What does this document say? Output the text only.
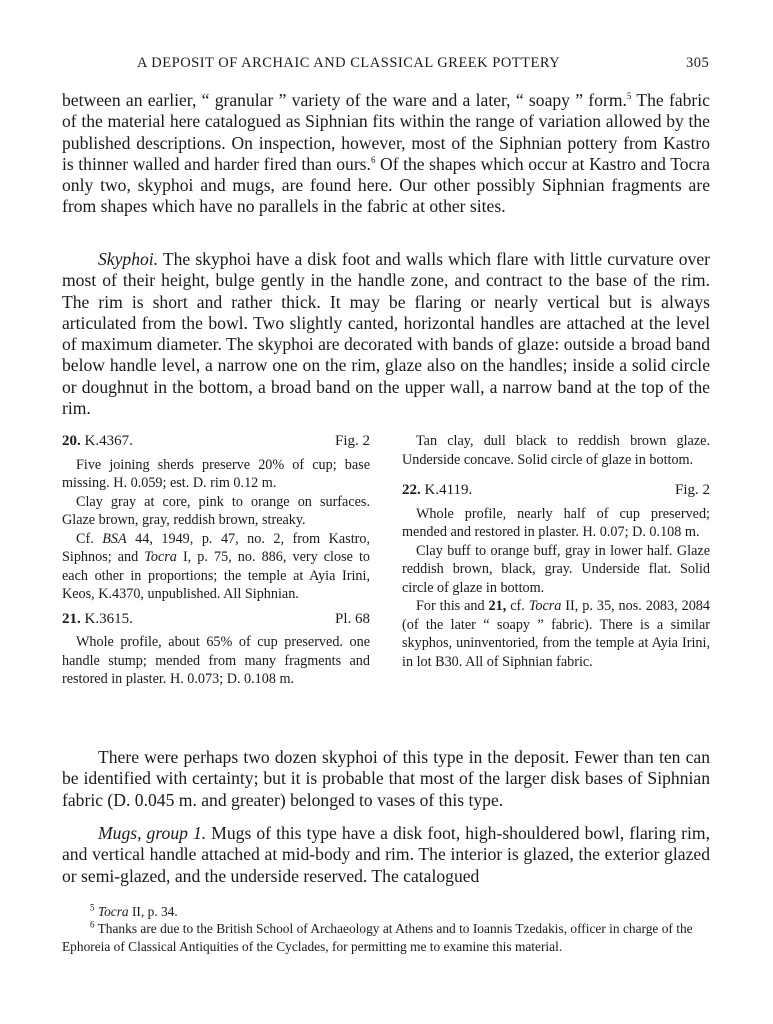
A DEPOSIT OF ARCHAIC AND CLASSICAL GREEK POTTERY	305

between an earlier, “ granular ” variety of the ware and a later, “ soapy ” form.$^5$ The fabric of the material here catalogued as Siphnian fits within the range of variation allowed by the published descriptions. On inspection, however, most of the Siphnian pottery from Kastro is thinner walled and harder fired than ours.$^6$ Of the shapes which occur at Kastro and Tocra only two, skyphoi and mugs, are found here. Our other possibly Siphnian fragments are from shapes which have no parallels in the fabric at other sites.

Skyphoi. The skyphoi have a disk foot and walls which flare with little curvature over most of their height, bulge gently in the handle zone, and contract to the base of the rim. The rim is short and rather thick. It may be flaring or nearly vertical but is always articulated from the bowl. Two slightly canted, horizontal handles are attached at the level of maximum diameter. The skyphoi are decorated with bands of glaze: outside a broad band below handle level, a narrow one on the rim, glaze also on the handles; inside a solid circle or doughnut in the bottom, a broad band on the upper wall, a narrow band at the top of the rim.

20. K.4367.	Fig. 2

Five joining sherds preserve 20% of cup; base missing. H. 0.059; est. D. rim 0.12 m.

Clay gray at core, pink to orange on surfaces. Glaze brown, gray, reddish brown, streaky.

Cf. BSA 44, 1949, p. 47, no. 2, from Kastro, Siphnos; and Tocra I, p. 75, no. 886, very close to each other in proportions; the temple at Ayia Irini, Keos, K.4370, unpublished. All Siphnian.

21. K.3615.	Pl. 68

Whole profile, about 65% of cup preserved. one handle stump; mended from many fragments and restored in plaster. H. 0.073; D. 0.108 m.

Tan clay, dull black to reddish brown glaze. Underside concave. Solid circle of glaze in bottom.

22. K.4119.	Fig. 2

Whole profile, nearly half of cup preserved; mended and restored in plaster. H. 0.07; D. 0.108 m.

Clay buff to orange buff, gray in lower half. Glaze reddish brown, black, gray. Underside flat. Solid circle of glaze in bottom.

For this and 21, cf. Tocra II, p. 35, nos. 2083, 2084 (of the later “ soapy ” fabric). There is a similar skyphos, uninventoried, from the temple at Ayia Irini, in lot B30. All of Siphnian fabric.

There were perhaps two dozen skyphoi of this type in the deposit. Fewer than ten can be identified with certainty; but it is probable that most of the larger disk bases of Siphnian fabric (D. 0.045 m. and greater) belonged to vases of this type.

Mugs, group 1. Mugs of this type have a disk foot, high-shouldered bowl, flaring rim, and vertical handle attached at mid-body and rim. The interior is glazed, the exterior glazed or semi-glazed, and the underside reserved. The catalogued

$^5$ Tocra II, p. 34.

$^6$ Thanks are due to the British School of Archaeology at Athens and to Ioannis Tzedakis, officer in charge of the Ephoreia of Classical Antiquities of the Cyclades, for permitting me to examine this material.
